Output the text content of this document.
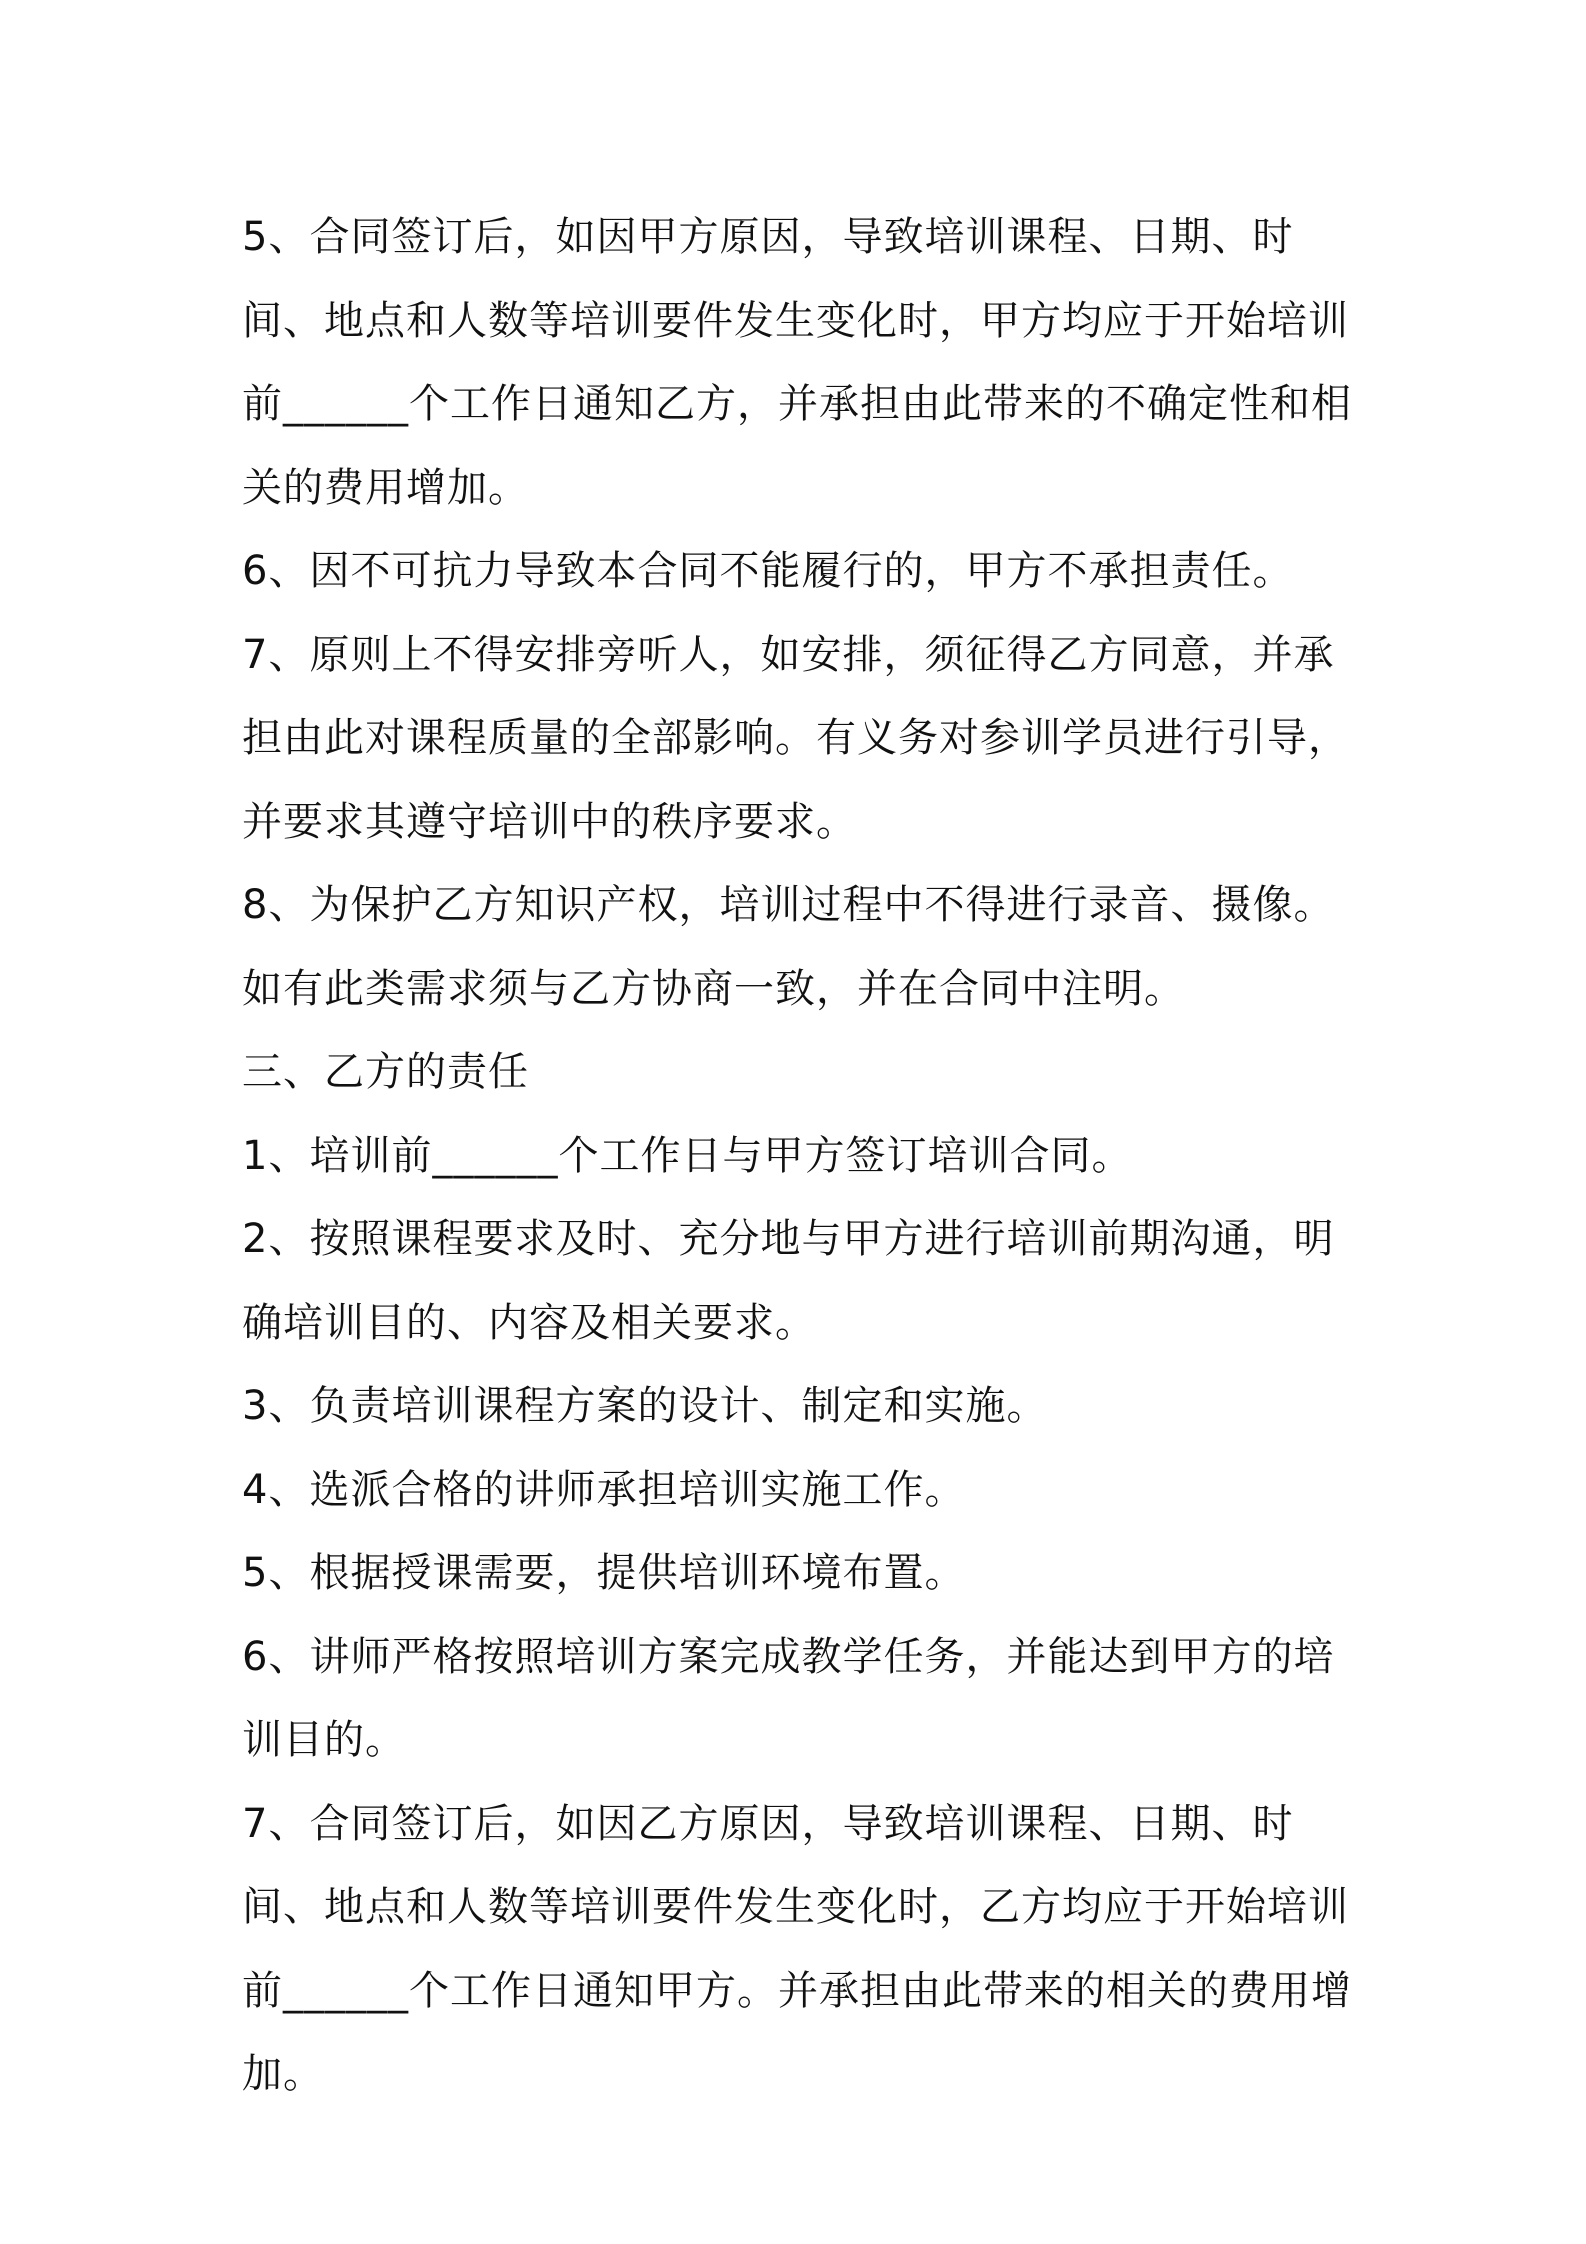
5、合同签订后，如因甲方原因，导致培训课程、日期、时间、地点和人数等培训要件发生变化时，甲方均应于开始培训前______个工作日通知乙方，并承担由此带来的不确定性和相关的费用增加。

6、因不可抗力导致本合同不能履行的，甲方不承担责任。

7、原则上不得安排旁听人，如安排，须征得乙方同意，并承担由此对课程质量的全部影响。有义务对参训学员进行引导，并要求其遵守培训中的秩序要求。

8、为保护乙方知识产权，培训过程中不得进行录音、摄像。如有此类需求须与乙方协商一致，并在合同中注明。

三、乙方的责任

1、培训前______个工作日与甲方签订培训合同。

2、按照课程要求及时、充分地与甲方进行培训前期沟通，明确培训目的、内容及相关要求。

3、负责培训课程方案的设计、制定和实施。

4、选派合格的讲师承担培训实施工作。

5、根据授课需要，提供培训环境布置。

6、讲师严格按照培训方案完成教学任务，并能达到甲方的培训目的。

7、合同签订后，如因乙方原因，导致培训课程、日期、时间、地点和人数等培训要件发生变化时，乙方均应于开始培训前______个工作日通知甲方。并承担由此带来的相关的费用增加。
